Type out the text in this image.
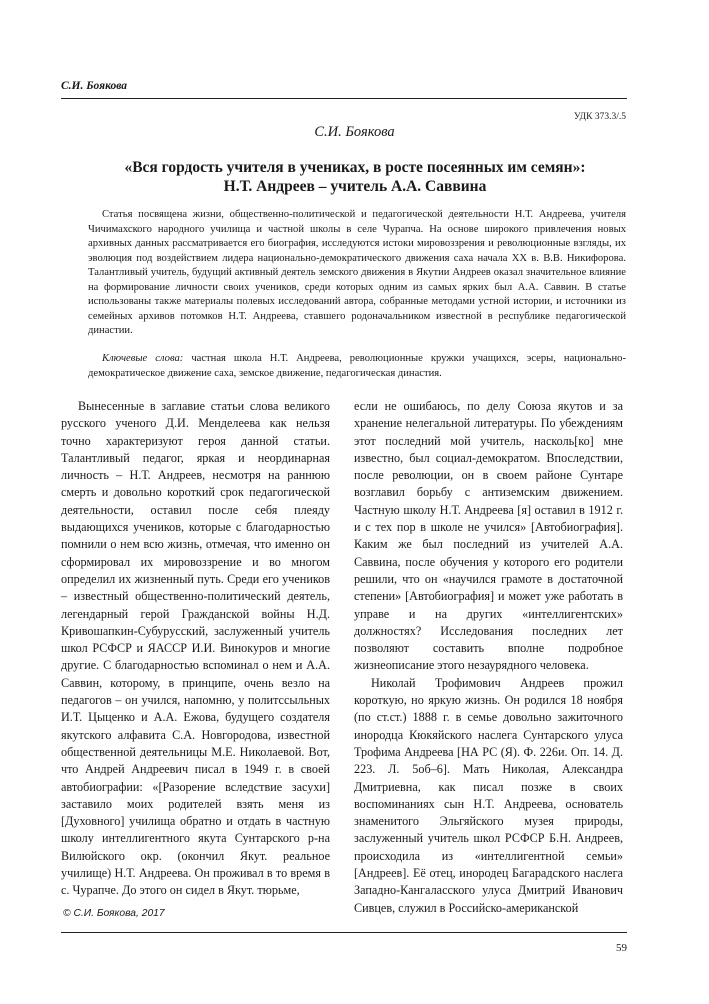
С.И. Боякова
УДК 373.3/.5
С.И. Боякова
«Вся гордость учителя в учениках, в росте посеянных им семян»:
Н.Т. Андреев – учитель А.А. Саввина

Статья посвящена жизни, общественно-политической и педагогической деятельности Н.Т. Андреева, учителя Чичимахского народного училища и частной школы в селе Чурапча. На основе широкого привлечения новых архивных данных рассматривается его биография, исследуются истоки мировоззрения и революционные взгляды, их эволюция под воздействием лидера национально-демократического движения саха начала XX в. В.В. Никифорова. Талантливый учитель, будущий активный деятель земского движения в Якутии Андреев оказал значительное влияние на формирование личности своих учеников, среди которых одним из самых ярких был А.А. Саввин. В статье использованы также материалы полевых исследований автора, собранные методами устной истории, и источники из семейных архивов потомков Н.Т. Андреева, ставшего родоначальником известной в республике педагогической династии.

Ключевые слова: частная школа Н.Т. Андреева, революционные кружки учащихся, эсеры, национально-демократическое движение саха, земское движение, педагогическая династия.

Вынесенные в заглавие статьи слова великого русского ученого Д.И. Менделеева как нельзя точно характеризуют героя данной статьи. Талантливый педагог, яркая и неординарная личность – Н.Т. Андреев, несмотря на раннюю смерть и довольно короткий срок педагогической деятельности, оставил после себя плеяду выдающихся учеников, которые с благодарностью помнили о нем всю жизнь, отмечая, что именно он сформировал их мировоззрение и во многом определил их жизненный путь. Среди его учеников – известный общественно-политический деятель, легендарный герой Гражданской войны Н.Д. Кривошапкин-Субурусский, заслуженный учитель школ РСФСР и ЯАССР И.И. Винокуров и многие другие. С благодарностью вспоминал о нем и А.А. Саввин, которому, в принципе, очень везло на педагогов – он учился, напомню, у политссыльных И.Т. Цыценко и А.А. Ежова, будущего создателя якутского алфавита С.А. Новгородова, известной общественной деятельницы М.Е. Николаевой. Вот, что Андрей Андреевич писал в 1949 г. в своей автобиографии: «[Разорение вследствие засухи] заставило моих родителей взять меня из [Духовного] училища обратно и отдать в частную школу интеллигентного якута Сунтарского р-на Вилюйского окр. (окончил Якут. реальное училище) Н.Т. Андреева. Он проживал в то время в с. Чурапче. До этого он сидел в Якут. тюрьме,

если не ошибаюсь, по делу Союза якутов и за хранение нелегальной литературы. По убеждениям этот последний мой учитель, насколь[ко] мне известно, был социал-демократом. Впоследствии, после революции, он в своем районе Сунтаре возглавил борьбу с антиземским движением. Частную школу Н.Т. Андреева [я] оставил в 1912 г. и с тех пор в школе не учился» [Автобиография]. Каким же был последний из учителей А.А. Саввина, после обучения у которого его родители решили, что он «научился грамоте в достаточной степени» [Автобиография] и может уже работать в управе и на других «интеллигентских» должностях? Исследования последних лет позволяют составить вполне подробное жизнеописание этого незаурядного человека.

Николай Трофимович Андреев прожил короткую, но яркую жизнь. Он родился 18 ноября (по ст.ст.) 1888 г. в семье довольно зажиточного инородца Кюкяйского наслега Сунтарского улуса Трофима Андреева [НА РС (Я). Ф. 226и. Оп. 14. Д. 223. Л. 5об–6]. Мать Николая, Александра Дмитриевна, как писал позже в своих воспоминаниях сын Н.Т. Андреева, основатель знаменитого Эльгяйского музея природы, заслуженный учитель школ РСФСР Б.Н. Андреев, происходила из «интеллигентной семьи» [Андреев]. Её отец, инородец Багарадского наслега Западно-Кангаласского улуса Дмитрий Иванович Сивцев, служил в Российско-американской

© С.И. Боякова, 2017
59
